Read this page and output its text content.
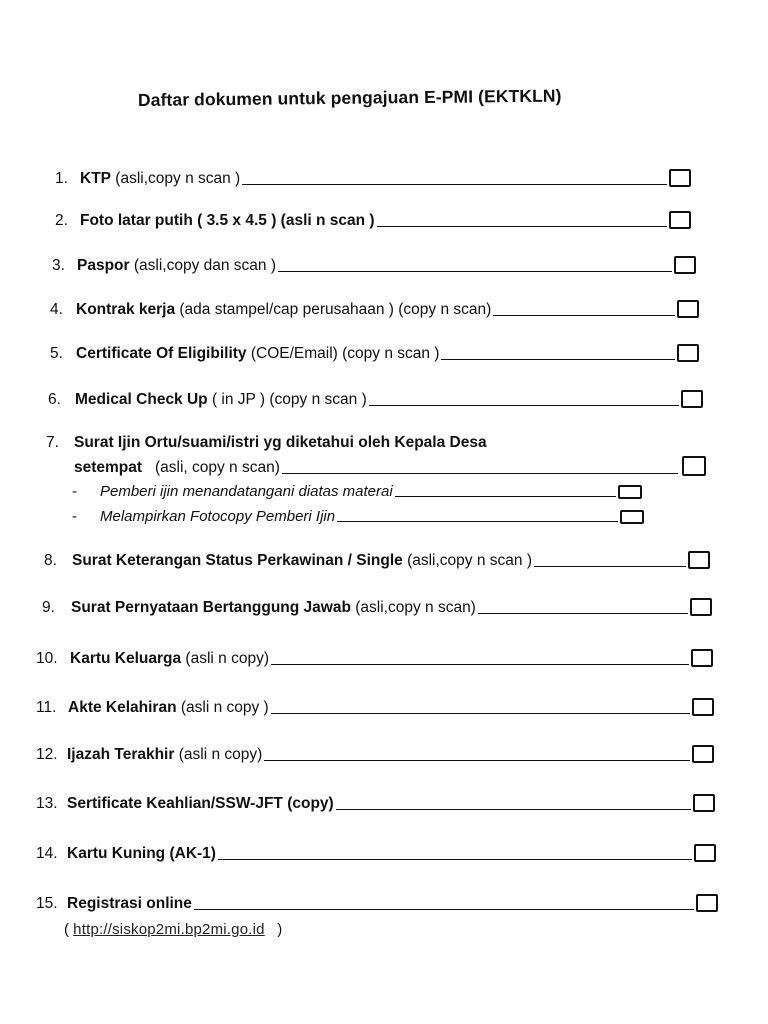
Daftar dokumen untuk pengajuan E-PMI (EKTKLN)
1. KTP (asli,copy n scan )
2. Foto latar putih ( 3.5 x 4.5 ) (asli n scan )
3. Paspor (asli,copy dan scan )
4. Kontrak kerja (ada stampel/cap perusahaan ) (copy n scan)
5. Certificate Of Eligibility (COE/Email) (copy n scan )
6. Medical Check Up ( in JP ) (copy n scan )
7. Surat Ijin Ortu/suami/istri yg diketahui oleh Kepala Desa
setempat (asli, copy n scan)
-	Pemberi ijin menandatangani diatas materai
-	Melampirkan Fotocopy Pemberi Ijin
8. Surat Keterangan Status Perkawinan / Single (asli,copy n scan )
9.	Surat Pernyataan Bertanggung Jawab (asli,copy n scan)
10. Kartu Keluarga (asli n copy)
11. Akte Kelahiran (asli n copy )
12. Ijazah Terakhir (asli n copy)
13. Sertificate Keahlian/SSW-JFT (copy)
14. Kartu Kuning (AK-1)
15. Registrasi online
( http://siskop2mi.bp2mi.go.id   )
